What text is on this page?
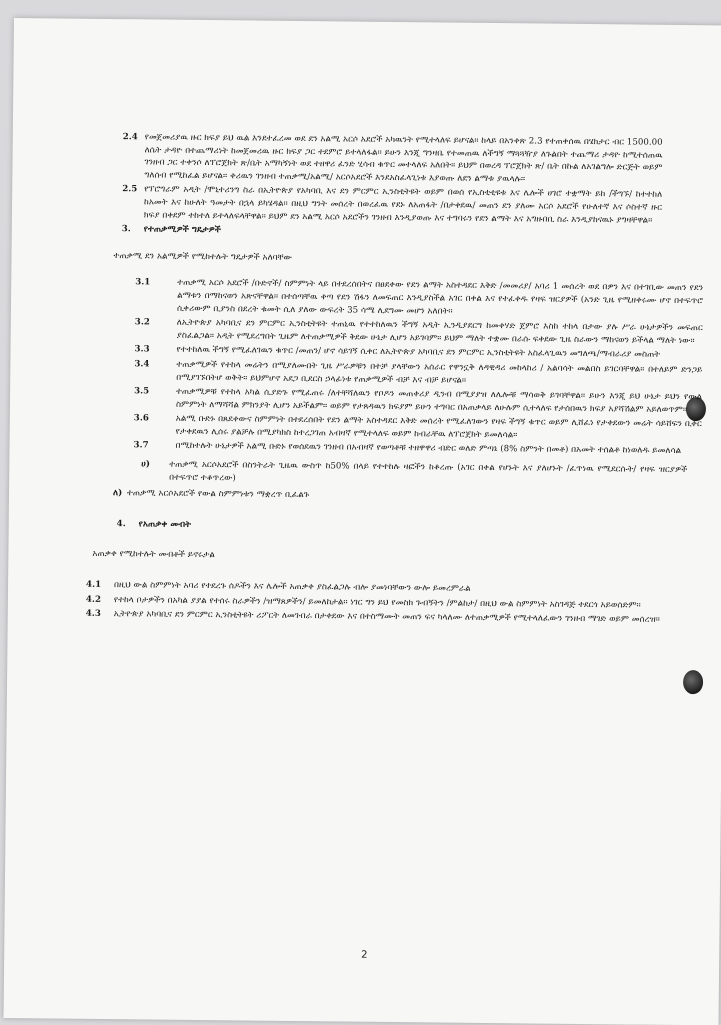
2.4 የመጀመሪያዉ ዙር ክፍያ ይህ ዉል እንደተፈረመ ወደ ደን አልሚ አርሶ አደሮች አካዉንት የሚተላለፍ ይሆናል፡፡ ከላይ በአንቀጽ 2.3 የተጠቀሰዉ በሄክታር ብር 1500.00 ለሴት ታዳዮ በተጨማሪነት ከመጀመሪዉ ዙር ክፍያ ጋር ተደምሮ ይተላለፋል፡፡ ይሁን እንጂ ግንዛቤ የተመጠዉ ለችግኝ ማጓጓዥያ ለጉልበት ተጨማሪ ታዳዮ ከሚተሰጠዉ ገንዘብ ጋር ተቀንሶ ለፕሮጀክት ጽ/ቤት አማካኝነት ወደ ተዘዋሪ ፈንድ ሂሳብ ቁጥር መተላለፍ አለበት፡፡ ይህም በወረዳ ፕሮጀክት ጽ/ ቤት በኩል ለአገልግሎ ድርጅት ወይም ግለሰብ የሚከፈል ይሆናል፡፡ ቀሪዉን ገንዘብ ተጠቃሚ/አልሚ/ አርሶአደሮች እንደአስፈላጊነቱ እያወጡ ለደን ልማቱ ያዉላሉ፡፡

2.5 የፕሮግራም አዲት /ሞኒተሪንግ ስራ በኢትዮጵያ የአካባቢ እና ደን ምርምር ኢንስቲትዩት ወይም በወሰ የኢስቲቲዩቱ እና ሌሎች ሀገሮ ተቋማት ይከ /ችግኙ/ ከተተከለ ከአመት እና ከሁለት ዓመታት በኋላ ይካሄዳል፡፡ በዚህ ግንት መሰረት በወረፈዉ የደኑ ለአጠፋት /በታቀደዉ/ መጠን ደን ያለሙ አርሶ አደሮች የሁለተኛ እና ሶስተኛ ዙር ክፍያ በቀደም ተከተለ ይተላለፍላቸዋል፡፡ ይህም ደን አልሚ አርሶ አደሮችን ገንዘብ እንዲያወጡ እና ተግባሩን የደን ልማት እና አግዙበቢ ስራ እንዲያከናዉኑ ያግዛቸዋል፡፡

3. የተጠቃሚዎች ግዴታዎች

ተጠቃሚ ደን አልሚዎች የሚከተሉት ግዴታዎች አለባቸው

3.1	ተጠቃሚ አርሶ አደሮች /ቡድኖች/ ስምምነት ላይ በተደረሰበትና በፀደቀው የደን ልማት አስተዳደር እቅድ /መመሪያ/ አባሪ 1 መሰረት ወደ በዎን እና በተገቢው መጠን የደን ልማቱን በማከናወን አጽናቸዋል፡፡ በተሰጣቸዉ ቀጣ የደን ሽፋን ለመፍጠር እንዲያስችል አገር በቀል እና የተፈቀዱ የዛፍ ዝርያዎች (አንድ ጊዜ የሚዘቀሩሙ ሆኖ በተፍጥሮ ሲቀሪውም ቢያንስ በደረት ቁመት ሲለ ያለው ውፍረት 35 ሳሜ ሊደግሙ መሆን አለበት፡፡

3.2	ለኢትዮጵያ አካባቢና ደን ምርምር ኢንስቲትዩት ተጠኒዉ የተተከለዉን ችግኝ አዲት ኢንዲያደርግ ከመቀሃድ ጀምሮ እስከ ተከላ በታው ያሉ ሥራ ሁኔታዎችን መፍጠር ያስፈልጋል፡፡ አዲት የሚደረግበት ጊዜም ለተጠቃሚዎች ቅደው ሁኔታ ሊሆን አይገባም፡፡ ይህም ማለት ተቋሙ በራሱ ፍቀደው ጊዜ ስራውን ማከናወን ይችላል ማለት ነው፡፡

3.3	የተተከለዉ ችግኝ የሚፈለገዉን ቁጥር /መጠን/ ሆኖ ሳይገኝ ሲቀር ለኢትዮጵያ አካባቢና ደን ምርምር ኢንስቲትዩት አስፈላጊዉን መግለጫ/ማብራሪያ መስጠት

3.4	ተጠቃሚዎች የተከላ መሬትን በሚያለሙበት ጊዜ ሥራዎቹን በተቻ ያላቸውን አሰራር የዋንኗቅ ለዳዊዳሪ መከላከሪ / አልባሳት መልበስ ይገርባቸዋል፡፡ በተለይም ድንጋይ በሚያገኙበትሆ ወቅት፡፡ ይህምሆኖ አደጋ ቢደርስ ኃላፊነቱ የጠቃሚዎች ብቻ እና ብቻ ይሆናል፡፡

3.5	ተጠቃሚዎቹ የተከላ አካል ሲያድጉ የሚፈጠሩ /ለተቸሻለዉን የቦዶን መጠቀሪያ ዲንብ በሚያያዝ ለሌሎቹ ማሳወቅ ይገባቸዋል፡፡ ይሁን እንጂ ይህ ሁኔታ ይህን የውል ስምምነት ለማሻሻል ምክንያት ሊሆን አይችልም፡፡ ወይም የታጸዳዉን ክፍያም ይሁን ተግባር በአጠቃላይ ለሁሉም ሲተላለፍ የታሰበዉን ክፍያ አያሻሽልም አይለወጥም፡፡

3.6	አልሚ ቡድኑ በጸደቀውና ስምምነት በተደረሰበት የደን ልማት አስተዳደር እቅድ መሰረት የሚፈለገውን የዛፍ ችግኝ ቁጥር ወይም ሊሸፈነ የታቀደውን መሬት ሳይሸፍን ቢቀር የታቀደዉን ሊሰሩ ያልቻሉ በሚያካክስ ከተረጋገጠ አብዛኛ የሚተላለፍ ወይም ከብራቸዉ ለፕሮጀክት ይመለሳል፡፡

3.7	በሚከተሉት ሁኔታዎች አልሚ ቡድኑ የወሰደዉን ገንዘብ በአብዛኛ የወጣቶቹ ተዘዋዋሪ ብድር ወለድ ምጣኔ (8% ስምንት በመቶ) በአመት ተሰልቶ ከነወለዱ ይመለሳል

ሀ) ተጠቃሚ አርሶአደሮች በስንትራት ጊዜዉ ውስጥ ከ50% በላይ የተተከሉ ዛፎችን ከቆረጡ (አገር በቀል የሆኑት እና ያለሆኑት /ፈጥነዉ የሚደርሱት/ የዛፍ ዝርያዎች በተፍጥሮ ተቆጥረው)

ለ) ተጠቃሚ አርሶአደሮች የውል ስምምነቱን ማቋረጥ ቢፈልጉ

4. የአጠቃቀ መብት

አጠቃቀ የሚከተሉት መብቶች ይኖሩታል

4.1 በዚህ ውል ስምምነት አባሪ የተደረጉ ሰዶችን እና ሌሎች አጠቃቀ ያስፈልጋሉ ብሎ ያመነባቸውን ውሎ ይመረምራል

4.2 የተከላ ቦታዎችን በአካል ያያል የተሰሩ ስራዎችን /ዝማጸዎችን/ ይመለከታል፡፡ ነገር ግን ይህ የመስክ ጉብኝትን /ምልከታ/ በዚህ ውል ስምምነት አስገዳጅ ተደርጎ አይወሰድም፡፡

4.3 ኢትዮጵያ አካባቢና ደን ምርምር ኢንስቲትዩት ሪፖርት ለመገብራ በታቀደው እና በተስማሙት መጠን ፍና ካላለሙ ለተጠቃሚዎች የሚተላለፈውን ገንዘብ ማገድ ወይም መሰረዝ፡፡

2
